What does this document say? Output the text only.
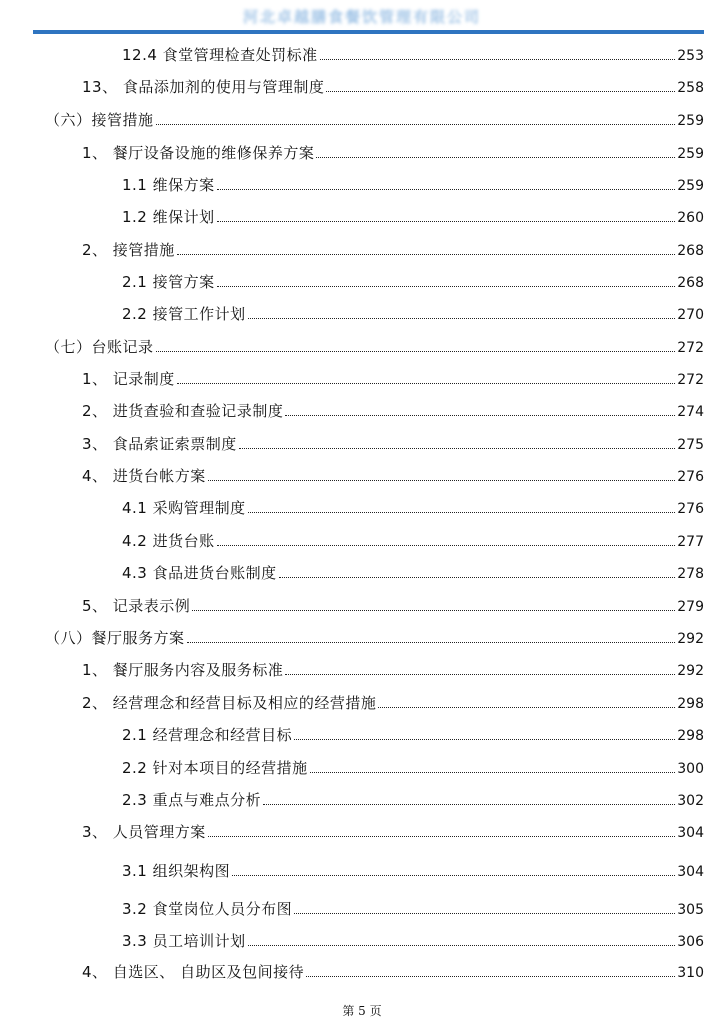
河北卓越膳食餐饮管理有限公司
12.4 食堂管理检查处罚标准	253
13、 食品添加剂的使用与管理制度	258
（六）接管措施	259
1、 餐厅设备设施的维修保养方案	259
1.1 维保方案	259
1.2 维保计划	260
2、 接管措施	268
2.1 接管方案	268
2.2 接管工作计划	270
（七）台账记录	272
1、 记录制度	272
2、 进货查验和查验记录制度	274
3、 食品索证索票制度	275
4、 进货台帐方案	276
4.1 采购管理制度	276
4.2 进货台账	277
4.3 食品进货台账制度	278
5、 记录表示例	279
（八）餐厅服务方案	292
1、 餐厅服务内容及服务标准	292
2、 经营理念和经营目标及相应的经营措施	298
2.1 经营理念和经营目标	298
2.2 针对本项目的经营措施	300
2.3 重点与难点分析	302
3、 人员管理方案	304
3.1 组织架构图	304
3.2 食堂岗位人员分布图	305
3.3 员工培训计划	306
4、 自选区、 自助区及包间接待	310
第 5 页
